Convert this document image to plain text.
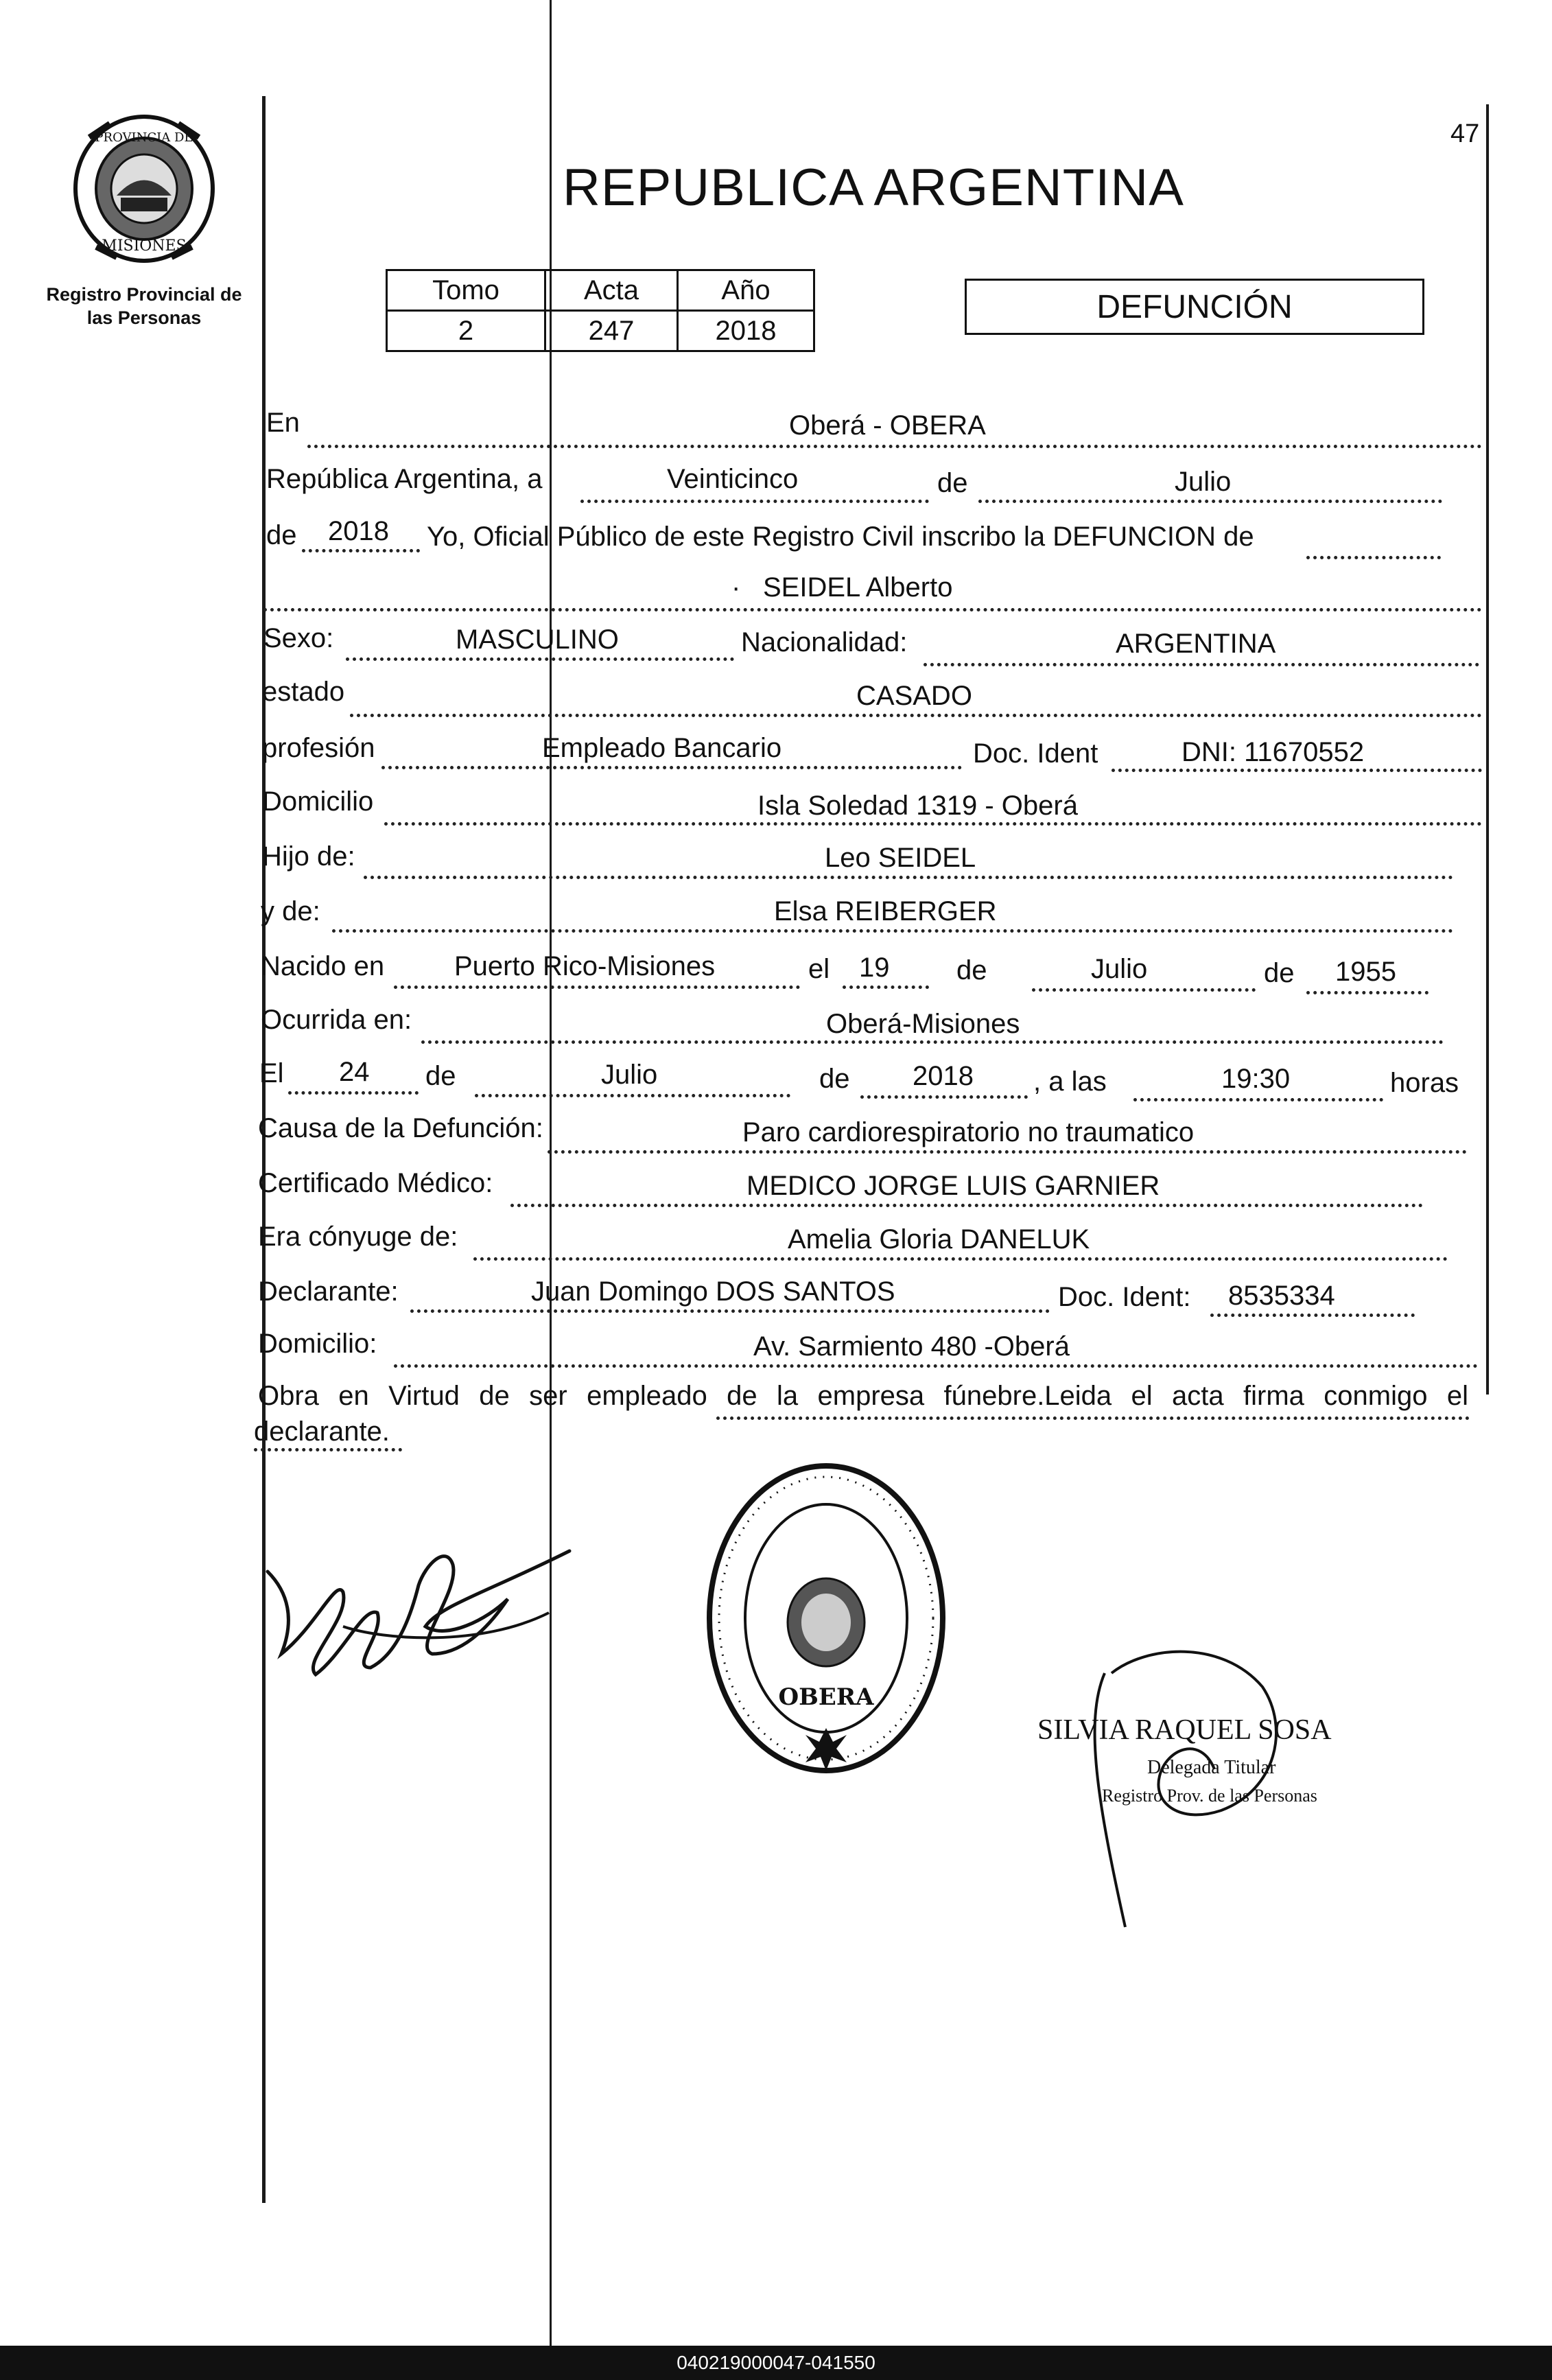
47
PROVINCIA DE
MISIONES
Registro Provincial de
las Personas
REPUBLICA ARGENTINA
Tomo	Acta	Año
2	247	2018
DEFUNCIÓN
En	Oberá - OBERA
República Argentina, a	Veinticinco	de	Julio
de 2018 Yo, Oficial Público de este Registro Civil inscribo la DEFUNCION de
· SEIDEL Alberto
Sexo:	MASCULINO	Nacionalidad:	ARGENTINA
estado	CASADO
profesión	Empleado Bancario	Doc. Ident	DNI: 11670552
Domicilio	Isla Soledad 1319 - Oberá
Hijo de:	Leo SEIDEL
y de:	Elsa REIBERGER
Nacido en	Puerto Rico-Misiones	el 19 de	Julio	de 1955
Ocurrida en:	Oberá-Misiones
El 24 de	Julio	de 2018 , a las	19:30	horas
Causa de la Defunción:	Paro cardiorespiratorio no traumatico
Certificado Médico:	MEDICO JORGE LUIS GARNIER
Era cónyuge de:	Amelia Gloria DANELUK
Declarante:	Juan Domingo DOS SANTOS	Doc. Ident: 8535334
Domicilio:	Av. Sarmiento 480 -Oberá
Obra en Virtud de ser empleado de la empresa fúnebre.Leida el acta firma conmigo el
declarante.
OBERA
SILVIA RAQUEL SOSA
Delegada Titular
Registro Prov. de las Personas
040219000047-041550
